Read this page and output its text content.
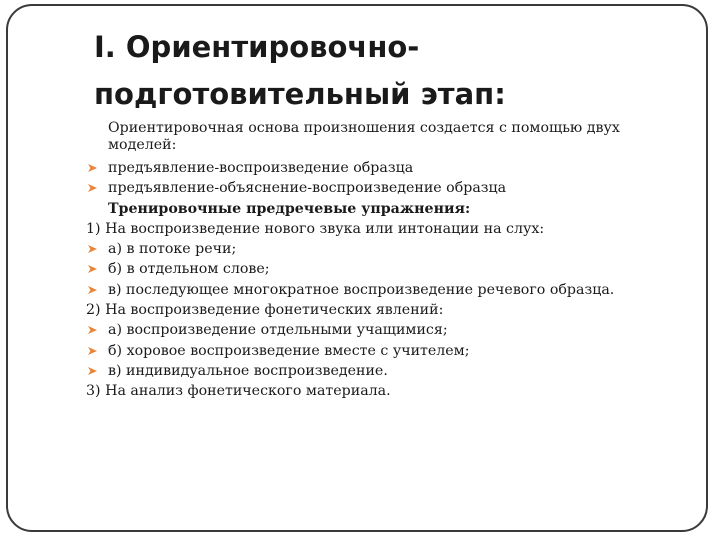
I. Ориентировочно-подготовительный этап:
Ориентировочная основа произношения создается с помощью двух моделей:
предъявление-воспроизведение образца
предъявление-объяснение-воспроизведение образца
Тренировочные предречевые упражнения:
1) На воспроизведение нового звука или интонации на слух:
а) в потоке речи;
б) в отдельном слове;
в) последующее многократное воспроизведение речевого образца.
2) На воспроизведение фонетических явлений:
а) воспроизведение отдельными учащимися;
б) хоровое воспроизведение вместе с учителем;
в) индивидуальное воспроизведение.
3) На анализ фонетического материала.
